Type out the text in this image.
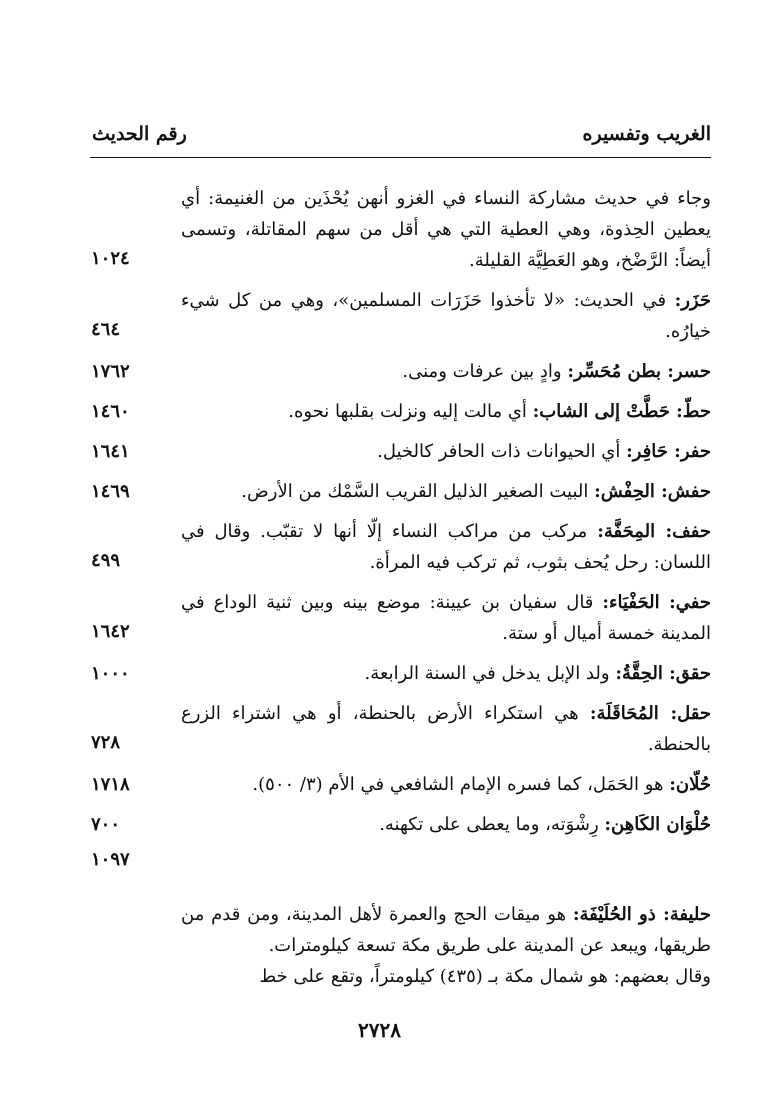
الغريب وتفسيره
رقم الحديث
وجاء في حديث مشاركة النساء في الغزو أنهن يُحْذَين من الغنيمة: أي يعطين الحِذوة، وهي العطية التي هي أقل من سهم المقاتلة، وتسمى أيضاً: الرَّضْخ، وهو العَطِيَّة القليلة.
١٠٢٤
حَزَر: في الحديث: «لا تأخذوا حَزَرَات المسلمين»، وهي من كل شيء خيارُه.
٤٦٤
حسر: بطن مُحَسِّر: وادٍ بين عرفات ومنى.
١٧٦٢
حطّ: حَطَّتْ إلى الشاب: أي مالت إليه ونزلت بقلبها نحوه.
١٤٦٠
حفر: حَافِر: أي الحيوانات ذات الحافر كالخيل.
١٦٤١
حفش: الحِفْش: البيت الصغير الذليل القريب السَّمْك من الأرض.
١٤٦٩
حفف: المِحَفَّة: مركب من مراكب النساء إلّا أنها لا تقبّب. وقال في اللسان: رحل يُحف بثوب، ثم تركب فيه المرأة.
٤٩٩
حفي: الحَفْيَاء: قال سفيان بن عيينة: موضع بينه وبين ثنية الوداع في المدينة خمسة أميال أو ستة.
١٦٤٢
حقق: الحِقَّةُ: ولد الإبل يدخل في السنة الرابعة.
١٠٠٠
حقل: المُحَاقَلَة: هي استكراء الأرض بالحنطة، أو هي اشتراء الزرع بالحنطة.
٧٢٨
حُلّان: هو الحَمَل، كما فسره الإمام الشافعي في الأم (٣/ ٥٠٠).
١٧١٨
حُلْوَان الكَاهِن: رِشْوَته، وما يعطى على تكهنه.
٧٠٠
١٠٩٧
حليفة: ذو الحُلَيْفَة: هو ميقات الحج والعمرة لأهل المدينة، ومن قدم من طريقها، ويبعد عن المدينة على طريق مكة تسعة كيلومترات.
وقال بعضهم: هو شمال مكة بـ (٤٣٥) كيلومتراً، وتقع على خط
٢٧٢٨
